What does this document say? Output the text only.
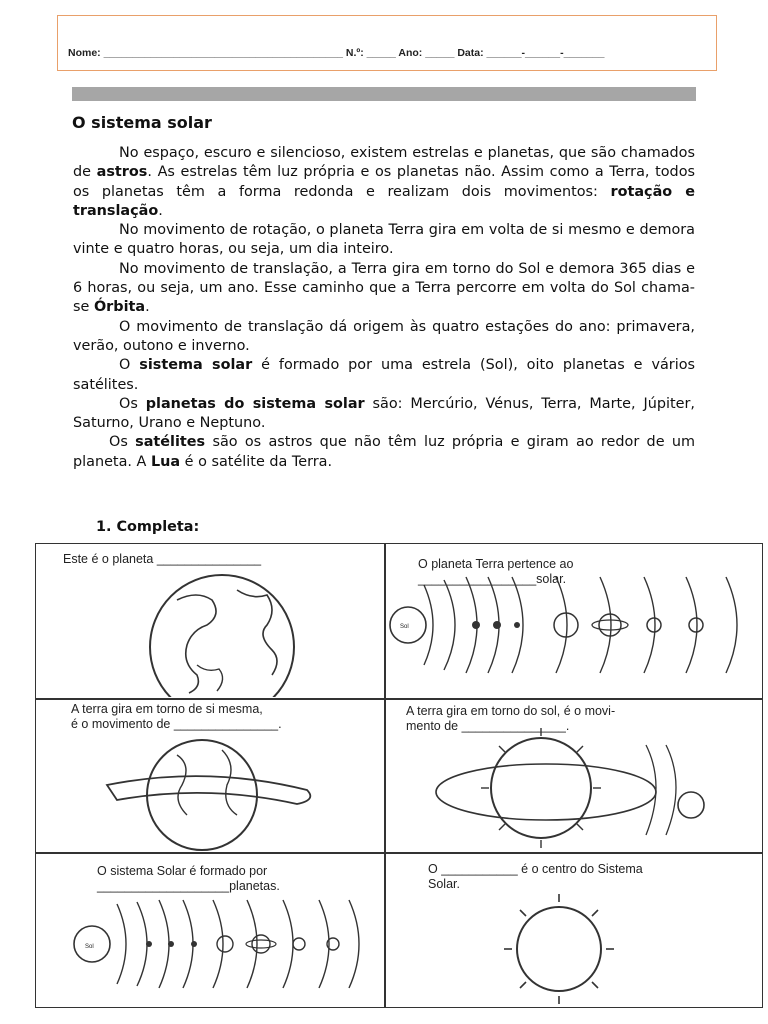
Nome: _________________________________________ N.º: _____ Ano: _____ Data: ______-______-_______
O sistema solar

No espaço, escuro e silencioso, existem estrelas e planetas, que são chamados de astros. As estrelas têm luz própria e os planetas não. Assim como a Terra, todos os planetas têm a forma redonda e realizam dois movimentos: rotação e translação.

No movimento de rotação, o planeta Terra gira em volta de si mesmo e demora vinte e quatro horas, ou seja, um dia inteiro.

No movimento de translação, a Terra gira em torno do Sol e demora 365 dias e 6 horas, ou seja, um ano. Esse caminho que a Terra percorre em volta do Sol chama-se Órbita.

O movimento de translação dá origem às quatro estações do ano: primavera, verão, outono e inverno.

O sistema solar é formado por uma estrela (Sol), oito planetas e vários satélites.

Os planetas do sistema solar são: Mercúrio, Vénus, Terra, Marte, Júpiter, Saturno, Urano e Neptuno.

Os satélites são os astros que não têm luz própria e giram ao redor de um planeta. A Lua é o satélite da Terra.

1. Completa:
Este é o planeta _______________	O planeta Terra pertence ao
_________________solar.
Sol
A terra gira em torno de si mesma,
é o movimento de _______________.
A terra gira em torno do sol, é o movi-
mento de _______________.
O sistema Solar é formado por
___________________planetas.
Sol
O ___________ é o centro do Sistema
Solar.
